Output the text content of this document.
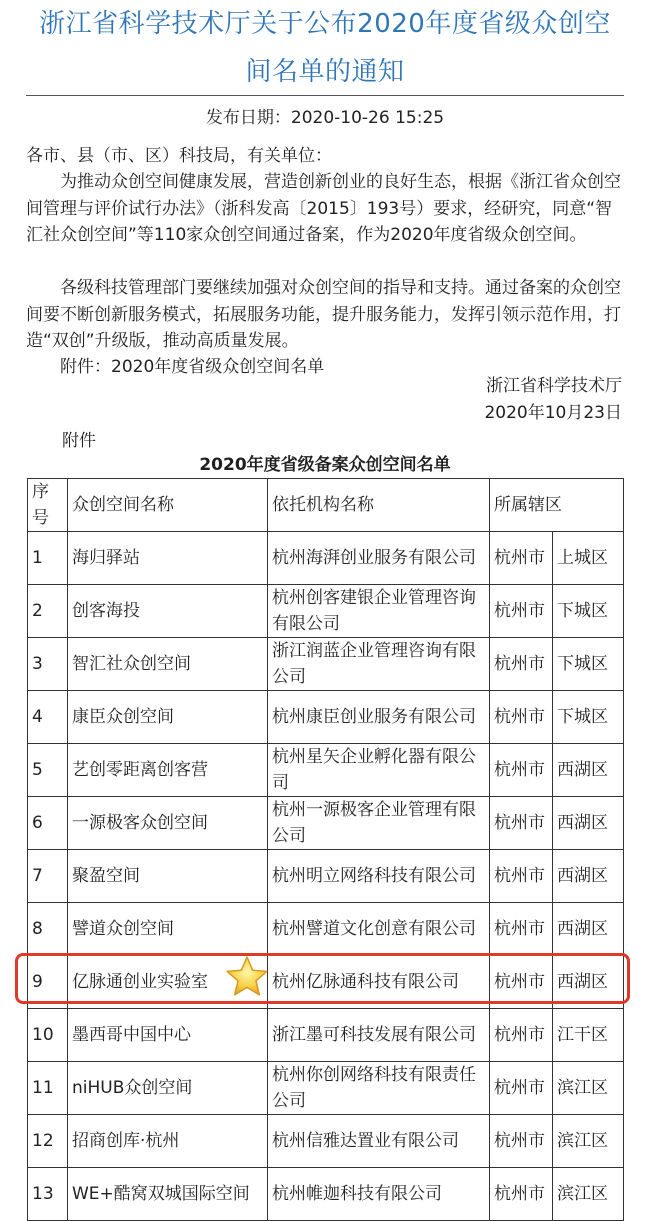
浙江省科学技术厅关于公布2020年度省级众创空
间名单的通知
发布日期：2020-10-26 15:25
各市、县（市、区）科技局，有关单位：
为推动众创空间健康发展，营造创新创业的良好生态，根据《浙江省众创空间管理与评价试行办法》（浙科发高〔2015〕193号）要求，经研究，同意“智汇社众创空间”等110家众创空间通过备案，作为2020年度省级众创空间。
各级科技管理部门要继续加强对众创空间的指导和支持。通过备案的众创空间要不断创新服务模式，拓展服务功能，提升服务能力，发挥引领示范作用，打造“双创”升级版，推动高质量发展。
附件：2020年度省级众创空间名单
浙江省科学技术厅
2020年10月23日
附件
2020年度省级备案众创空间名单
序号	众创空间名称	依托机构名称	所属辖区	
1	海归驿站	杭州海湃创业服务有限公司	杭州市	上城区
2	创客海投	杭州创客建银企业管理咨询有限公司	杭州市	下城区
3	智汇社众创空间	浙江润蓝企业管理咨询有限公司	杭州市	下城区
4	康臣众创空间	杭州康臣创业服务有限公司	杭州市	下城区
5	艺创零距离创客营	杭州星矢企业孵化器有限公司	杭州市	西湖区
6	一源极客众创空间	杭州一源极客企业管理有限公司	杭州市	西湖区
7	聚盈空间	杭州明立网络科技有限公司	杭州市	西湖区
8	譬道众创空间	杭州譬道文化创意有限公司	杭州市	西湖区
9	亿脉通创业实验室	杭州亿脉通科技有限公司	杭州市	西湖区
10	墨西哥中国中心	浙江墨可科技发展有限公司	杭州市	江干区
11	niHUB众创空间	杭州你创网络科技有限责任公司	杭州市	滨江区
12	招商创库·杭州	杭州信雅达置业有限公司	杭州市	滨江区
13	WE+酷窝双城国际空间	杭州帷迦科技有限公司	杭州市	滨江区
